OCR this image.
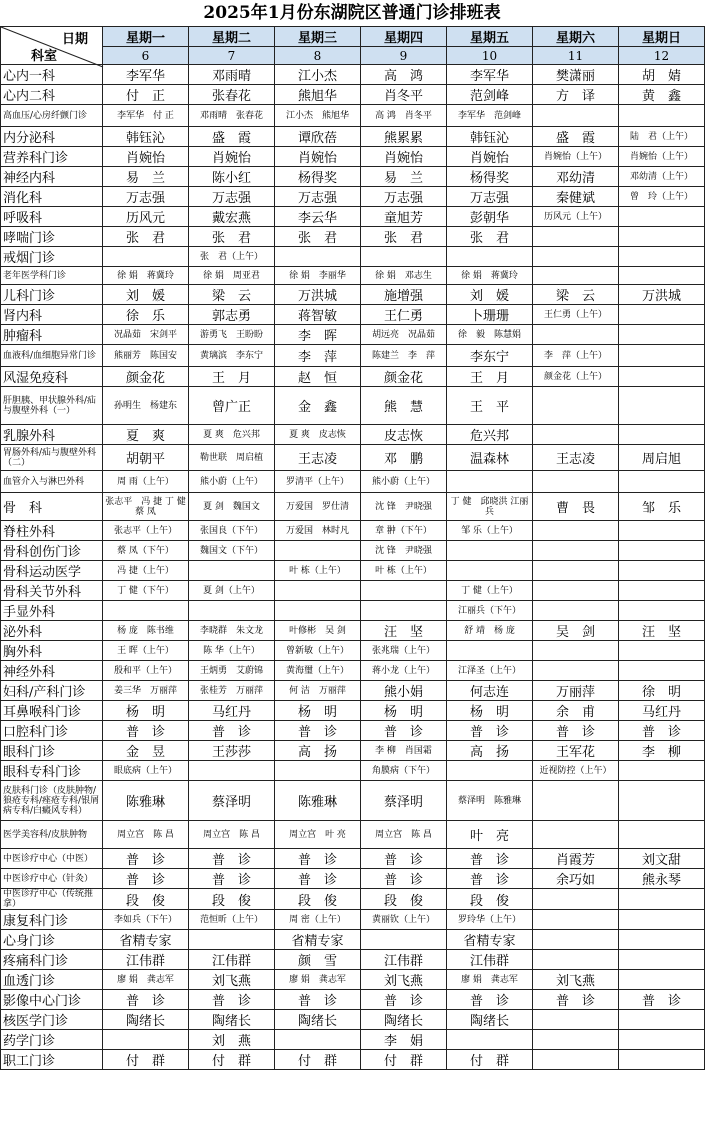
2025年1月份东湖院区普通门诊排班表
日期
科室	星期一	星期二	星期三	星期四	星期五	星期六	星期日
	6	7	8	9	10	11	12
心内一科	李军华	邓雨晴	江小杰	高　鸿	李军华	樊潇丽	胡　婧
心内二科	付　正	张春花	熊旭华	肖冬平	范剑峰	方　译	黄　鑫
高血压/心房纤颤门诊	李军华　付 正	邓雨晴　张春花	江小杰　熊旭华	高 鸿　肖冬平	李军华　范剑峰		
内分泌科	韩钰沁	盛　霞	谭欣蓓	熊累累	韩钰沁	盛　霞	陆　君（上午）
营养科门诊	肖婉怡	肖婉怡	肖婉怡	肖婉怡	肖婉怡	肖婉怡（上午）	肖婉怡（上午）
神经内科	易　兰	陈小红	杨得奖	易　兰	杨得奖	邓幼清	邓幼清（上午）
消化科	万志强	万志强	万志强	万志强	万志强	秦健斌	曾　玲（上午）
呼吸科	历风元	戴宏燕	李云华	童旭芳	彭朝华	历风元（上午）	
哮喘门诊	张　君	张　君	张　君	张　君	张　君		
戒烟门诊		张　君（上午）					
老年医学科门诊	徐 娟　蒋冀玲	徐 娟　周亚君	徐 娟　李丽华	徐 娟　邓志生	徐 娟　蒋冀玲		
儿科门诊	刘　媛	梁　云	万洪城	施增强	刘　媛	梁　云	万洪城
肾内科	徐　乐	郭志勇	蒋智敏	王仁勇	卜珊珊	王仁勇（上午）	
肿瘤科	况晶茹　宋剑平	游勇飞　王盼盼	李　晖	胡远亮　况晶茹	徐　毅　陈慧娟		
血液科/血细胞异常门诊	熊丽芳　陈国安	黄璃滨　李东宁	李　萍	陈建兰　李　萍	李东宁	李　萍（上午）	
风湿免疫科	颜金花	王　月	赵　恒	颜金花	王　月	颜金花（上午）	
肝胆胰、甲状腺外科/疝与腹壁外科（一）	孙明生　杨建东	曾广正	金　鑫	熊　慧	王　平		
乳腺外科	夏　爽	夏 爽　危兴邦	夏 爽　皮志恢	皮志恢	危兴邦		
胃肠外科/疝与腹壁外科（二）	胡朝平	勒世联　周启植	王志凌	邓　鹏	温森林	王志凌	周启旭
血管介入与淋巴外科	周 雨（上午）	熊小蔚（上午）	罗清平（上午）	熊小蔚（上午）			
骨　科	张志平　冯 捷 丁 健　蔡 凤	夏 剑　魏国文	万爱国　罗仕清	沈 锋　尹晓强	丁 健　邱晓洪 江丽兵	曹　畏	邹　乐
脊柱外科	张志平（上午）	张国良（下午）	万爱国　林时凡	章 翀（下午）	邹 乐（上午）		
骨科创伤门诊	蔡 凤（下午）	魏国文（下午）		沈 锋　尹晓强			
骨科运动医学	冯 捷（上午）		叶 栋（上午）	叶 栋（上午）			
骨科关节外科	丁 健（下午）	夏 剑（上午）			丁 健（上午）		
手显外科					江丽兵（下午）		
泌外科	杨 庞　陈书维	李晓群　朱文龙	叶修彬　吴 剑	汪　坚	舒 靖　杨 庞	吴　剑	汪　坚
胸外科	王 晖（上午）	陈 华（上午）	曾新敏（上午）	张兆瑞（上午）			
神经外科	殷和平（上午）	王炳勇　艾蔚锦	黄海璽（上午）	蒋小龙（上午）	江泽圣（上午）		
妇科/产科门诊	姜三华　万丽萍	张桂芳　万丽萍	何 洁　万丽萍	熊小娟	何志连	万丽萍	徐　明
耳鼻喉科门诊	杨　明	马红丹	杨　明	杨　明	杨　明	余　甫	马红丹
口腔科门诊	普　诊	普　诊	普　诊	普　诊	普　诊	普　诊	普　诊
眼科门诊	金　昱	王莎莎	高　扬	李 柳　肖国霜	高　扬	王军花	李　柳
眼科专科门诊	眼底病（上午）			角膜病（下午）		近视防控（上午）	
皮肤科门诊（皮肤肿物/狼疮专科/痤疮专科/银屑病专科/白癜风专科）	陈雅琳	蔡泽明	陈雅琳	蔡泽明	蔡泽明　陈雅琳		
医学美容科/皮肤肿物	周立宫　陈 昌	周立宫　陈 昌	周立宫　叶 亮	周立宫　陈 昌	叶　亮		
中医诊疗中心（中医）	普　诊	普　诊	普　诊	普　诊	普　诊	肖霞芳	刘文甜
中医诊疗中心（针灸）	普　诊	普　诊	普　诊	普　诊	普　诊	余巧如	熊永琴
中医诊疗中心（传统推拿）	段　俊	段　俊	段　俊	段　俊	段　俊		
康复科门诊	李如兵（下午）	范恒昕（上午）	周 密（上午）	黄丽钦（上午）	罗玲华（上午）		
心身门诊	省精专家		省精专家		省精专家		
疼痛科门诊	江伟群	江伟群	颜　雪	江伟群	江伟群		
血透门诊	廖 娟　龚志军	刘飞燕	廖 娟　龚志军	刘飞燕	廖 娟　龚志军	刘飞燕	
影像中心门诊	普　诊	普　诊	普　诊	普　诊	普　诊	普　诊	普　诊
核医学门诊	陶绪长	陶绪长	陶绪长	陶绪长	陶绪长		
药学门诊		刘　燕		李　娟			
职工门诊	付　群	付　群	付　群	付　群	付　群		
